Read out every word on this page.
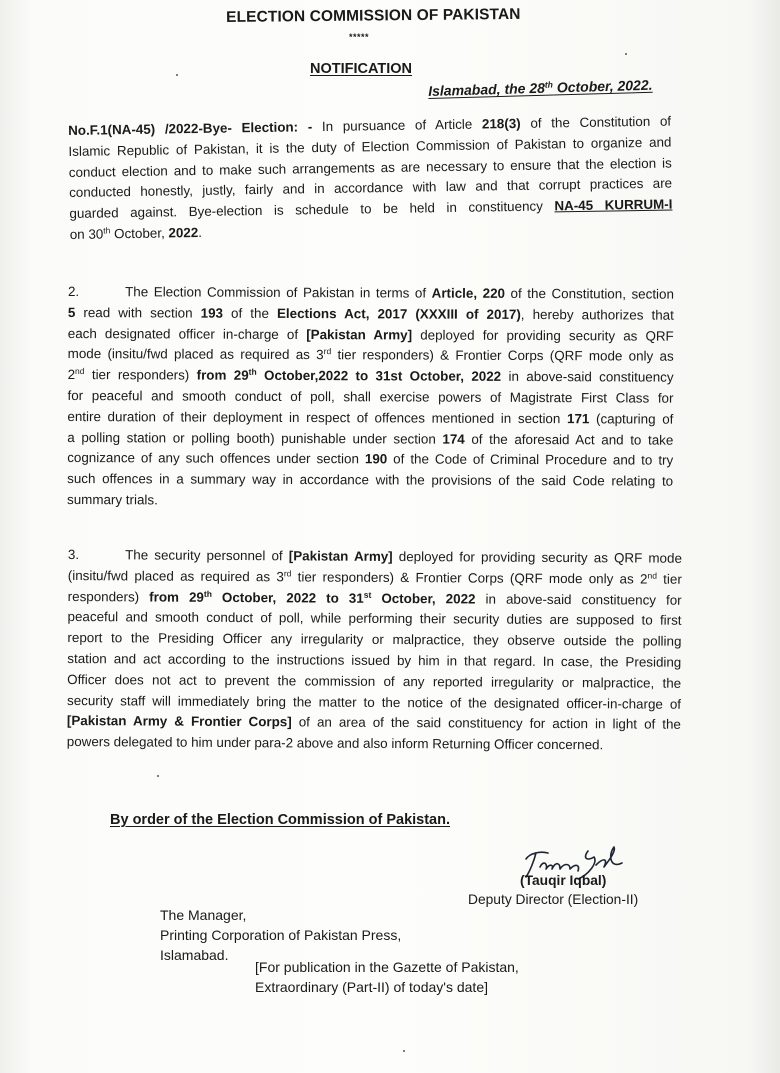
ELECTION COMMISSION OF PAKISTAN
*****
NOTIFICATION
Islamabad, the 28th October, 2022.
No.F.1(NA-45) /2022-Bye- Election: - In pursuance of Article 218(3) of the Constitution of
Islamic Republic of Pakistan, it is the duty of Election Commission of Pakistan to organize and
conduct election and to make such arrangements as are necessary to ensure that the election is
conducted honestly, justly, fairly and in accordance with law and that corrupt practices are
guarded against. Bye-election is schedule to be held in constituency NA-45 KURRUM-I
on 30th October, 2022.
2.	The Election Commission of Pakistan in terms of Article, 220 of the Constitution, section
5 read with section 193 of the Elections Act, 2017 (XXXIII of 2017), hereby authorizes that
each designated officer in-charge of [Pakistan Army] deployed for providing security as QRF
mode (insitu/fwd placed as required as 3rd tier responders) & Frontier Corps (QRF mode only as
2nd tier responders) from 29th October,2022 to 31st October, 2022 in above-said constituency
for peaceful and smooth conduct of poll, shall exercise powers of Magistrate First Class for
entire duration of their deployment in respect of offences mentioned in section 171 (capturing of
a polling station or polling booth) punishable under section 174 of the aforesaid Act and to take
cognizance of any such offences under section 190 of the Code of Criminal Procedure and to try
such offences in a summary way in accordance with the provisions of the said Code relating to
summary trials.
3.	The security personnel of [Pakistan Army] deployed for providing security as QRF mode
(insitu/fwd placed as required as 3rd tier responders) & Frontier Corps (QRF mode only as 2nd tier
responders) from 29th October, 2022 to 31st October, 2022 in above-said constituency for
peaceful and smooth conduct of poll, while performing their security duties are supposed to first
report to the Presiding Officer any irregularity or malpractice, they observe outside the polling
station and act according to the instructions issued by him in that regard. In case, the Presiding
Officer does not act to prevent the commission of any reported irregularity or malpractice, the
security staff will immediately bring the matter to the notice of the designated officer-in-charge of
[Pakistan Army & Frontier Corps] of an area of the said constituency for action in light of the
powers delegated to him under para-2 above and also inform Returning Officer concerned.
By order of the Election Commission of Pakistan.
(Tauqir Iqbal)
Deputy Director (Election-II)
The Manager,
Printing Corporation of Pakistan Press,
Islamabad.
[For publication in the Gazette of Pakistan,
Extraordinary (Part-II) of today's date]
